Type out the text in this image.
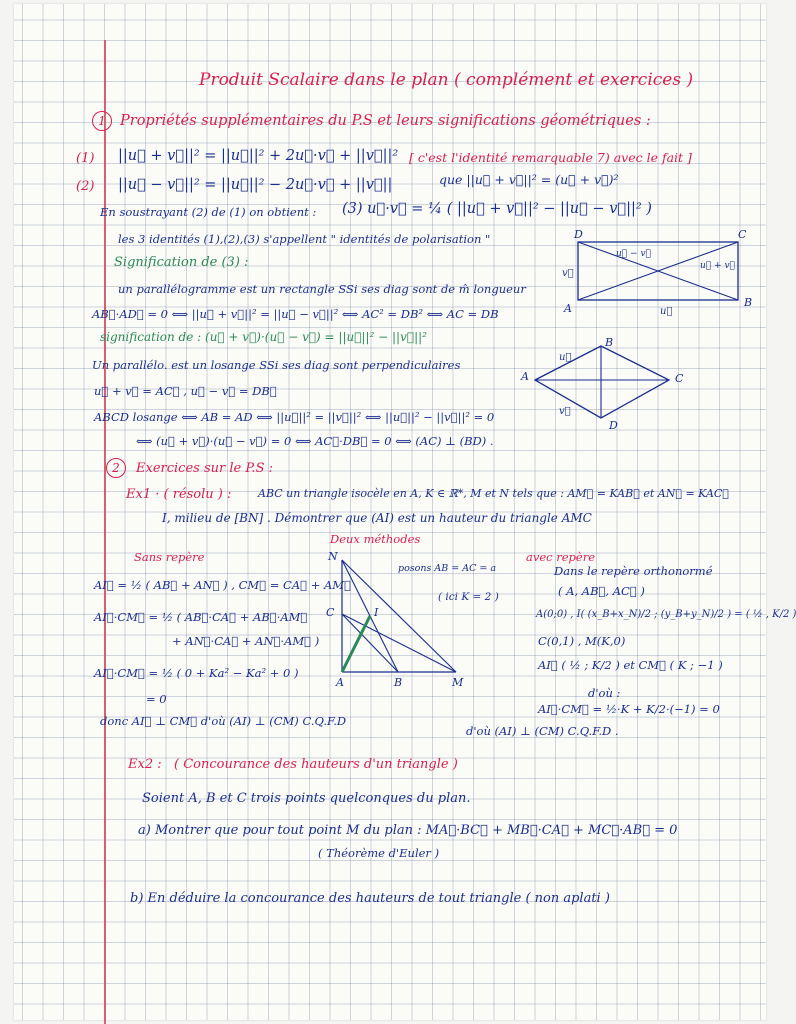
Produit Scalaire dans le plan ( complément et exercices )
1 Propriétés supplémentaires du P.S et leurs significations géométriques :
(1) ||u⃗ + v⃗||² = ||u⃗||² + 2u⃗·v⃗ + ||v⃗||²
(2) ||u⃗ − v⃗||² = ||u⃗||² − 2u⃗·v⃗ + ||v⃗||
[ c'est l'identité remarquable 7) avec le fait ]
que ||u⃗ + v⃗||² = (u⃗ + v⃗)²
En soustrayant (2) de (1) on obtient : (3) u⃗·v⃗ = ¼ ( ||u⃗ + v⃗||² − ||u⃗ − v⃗||² )
les 3 identités (1),(2),(3) s'appellent " identités de polarisation "
Signification de (3) :
un parallélogramme est un rectangle SSi ses diag sont de m̂ longueur
AB⃗·AD⃗ = 0 ⟺ ||u⃗ + v⃗||² = ||u⃗ − v⃗||² ⟺ AC² = DB² ⟺ AC = DB
signification de : (u⃗ + v⃗)·(u⃗ − v⃗) = ||u⃗||² − ||v⃗||²
Un parallélo. est un losange SSi ses diag sont perpendiculaires
u⃗ + v⃗ = AC⃗ , u⃗ − v⃗ = DB⃗
ABCD losange ⟺ AB = AD ⟺ ||u⃗||² = ||v⃗||² ⟺ ||u⃗||² − ||v⃗||² = 0
⟺ (u⃗ + v⃗)·(u⃗ − v⃗) = 0 ⟺ AC⃗·DB⃗ = 0 ⟺ (AC) ⊥ (BD) .
D	C
A	B
u⃗ − v⃗
u⃗ + v⃗
v⃗
u⃗
A
B
C
D
u⃗
v⃗
2	Exercices sur le P.S :
Ex1 · ( résolu ) : ABC un triangle isocèle en A, K ∈ ℝ*, M et N tels que : AM⃗ = KAB⃗ et AN⃗ = KAC⃗
I, milieu de [BN] . Démontrer que (AI) est un hauteur du triangle AMC
Deux méthodes
Sans repère	avec repère
AI⃗ = ½ ( AB⃗ + AN⃗ ) , CM⃗ = CA⃗ + AM⃗
AI⃗·CM⃗ = ½ ( AB⃗·CA⃗ + AB⃗·AM⃗
+ AN⃗·CA⃗ + AN⃗·AM⃗ )
AI⃗·CM⃗ = ½ ( 0 + Ka² − Ka² + 0 )
= 0
donc AI⃗ ⊥ CM⃗ d'où (AI) ⊥ (CM) C.Q.F.D
N
C	I
A	B	M
posons AB = AC = a
( ici K = 2 )
Dans le repère orthonormé
( A, AB⃗, AC⃗ )
A(0;0) , I( (x_B+x_N)/2 ; (y_B+y_N)/2 ) = ( ½ , K/2 )
C(0,1) , M(K,0)
AI⃗ ( ½ ; K/2 ) et CM⃗ ( K ; −1 )
d'où :
AI⃗·CM⃗ = ½·K + K/2·(−1) = 0
d'où (AI) ⊥ (CM) C.Q.F.D .
Ex2 : ( Concourance des hauteurs d'un triangle )
Soient A, B et C trois points quelconques du plan.
a) Montrer que pour tout point M du plan : MA⃗·BC⃗ + MB⃗·CA⃗ + MC⃗·AB⃗ = 0
( Théorème d'Euler )
b) En déduire la concourance des hauteurs de tout triangle ( non aplati )
